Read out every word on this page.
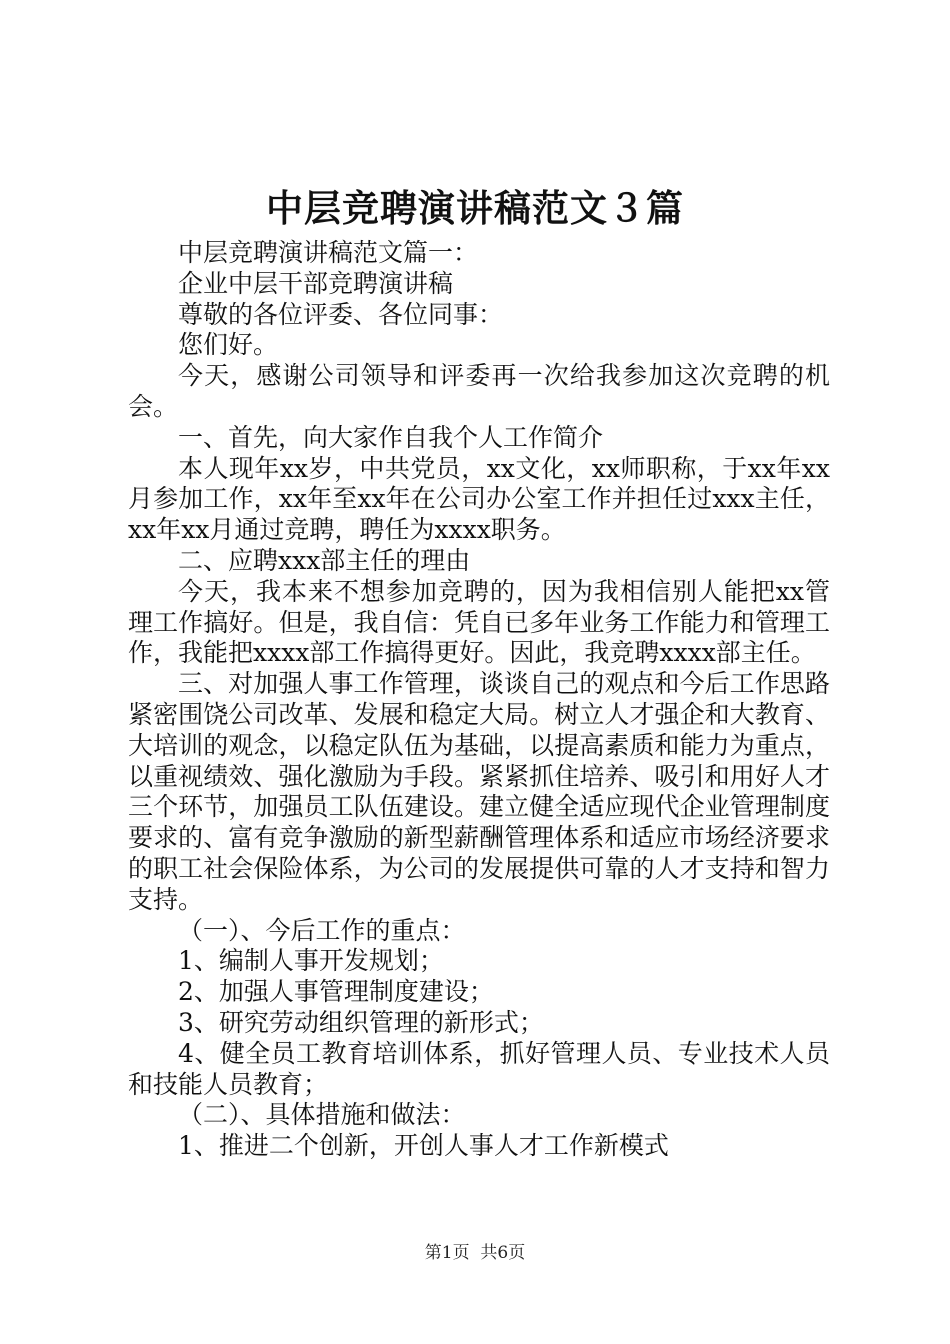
中层竞聘演讲稿范文３篇

中层竞聘演讲稿范文篇一：

企业中层干部竞聘演讲稿

尊敬的各位评委、各位同事：

您们好。

今天，感谢公司领导和评委再一次给我参加这次竞聘的机会。

一、首先，向大家作自我个人工作简介

本人现年xx岁，中共党员，xx文化，xx师职称，于xx年xx月参加工作，xx年至xx年在公司办公室工作并担任过xxx主任，xx年xx月通过竞聘，聘任为xxxx职务。

二、应聘xxx部主任的理由

今天，我本来不想参加竞聘的，因为我相信别人能把xx管理工作搞好。但是，我自信：凭自已多年业务工作能力和管理工作，我能把xxxx部工作搞得更好。因此，我竞聘xxxx部主任。

三、对加强人事工作管理，谈谈自己的观点和今后工作思路紧密围饶公司改革、发展和稳定大局。树立人才强企和大教育、大培训的观念，以稳定队伍为基础，以提高素质和能力为重点，以重视绩效、强化激励为手段。紧紧抓住培养、吸引和用好人才三个环节，加强员工队伍建设。建立健全适应现代企业管理制度要求的、富有竞争激励的新型薪酬管理体系和适应市场经济要求的职工社会保险体系，为公司的发展提供可靠的人才支持和智力支持。

（一）、今后工作的重点：

1、编制人事开发规划；

2、加强人事管理制度建设；

3、研究劳动组织管理的新形式；

4、健全员工教育培训体系，抓好管理人员、专业技术人员和技能人员教育；

（二）、具体措施和做法：

1、推进二个创新，开创人事人才工作新模式

第1页  共6页
